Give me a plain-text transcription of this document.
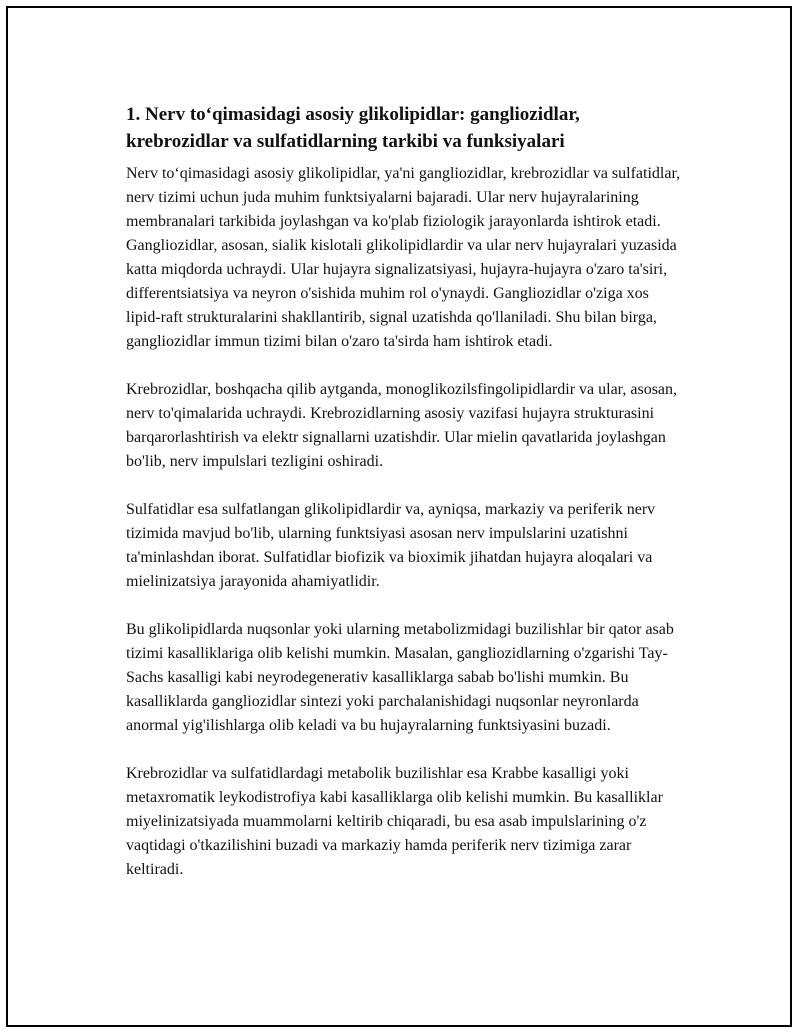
1. Nerv to‘qimasidagi asosiy glikolipidlar: gangliozidlar, krebrozidlar va sulfatidlarning tarkibi va funksiyalari

Nerv to‘qimasidagi asosiy glikolipidlar, ya'ni gangliozidlar, krebrozidlar va sulfatidlar, nerv tizimi uchun juda muhim funktsiyalarni bajaradi. Ular nerv hujayralarining membranalari tarkibida joylashgan va ko'plab fiziologik jarayonlarda ishtirok etadi. Gangliozidlar, asosan, sialik kislotali glikolipidlardir va ular nerv hujayralari yuzasida katta miqdorda uchraydi. Ular hujayra signalizatsiyasi, hujayra-hujayra o'zaro ta'siri, differentsiatsiya va neyron o'sishida muhim rol o'ynaydi. Gangliozidlar o'ziga xos lipid-raft strukturalarini shakllantirib, signal uzatishda qo'llaniladi. Shu bilan birga, gangliozidlar immun tizimi bilan o'zaro ta'sirda ham ishtirok etadi.

Krebrozidlar, boshqacha qilib aytganda, monoglikozilsfingolipidlardir va ular, asosan, nerv to'qimalarida uchraydi. Krebrozidlarning asosiy vazifasi hujayra strukturasini barqarorlashtirish va elektr signallarni uzatishdir. Ular mielin qavatlarida joylashgan bo'lib, nerv impulslari tezligini oshiradi.

Sulfatidlar esa sulfatlangan glikolipidlardir va, ayniqsa, markaziy va periferik nerv tizimida mavjud bo'lib, ularning funktsiyasi asosan nerv impulslarini uzatishni ta'minlashdan iborat. Sulfatidlar biofizik va bioximik jihatdan hujayra aloqalari va mielinizatsiya jarayonida ahamiyatlidir.

Bu glikolipidlarda nuqsonlar yoki ularning metabolizmidagi buzilishlar bir qator asab tizimi kasalliklariga olib kelishi mumkin. Masalan, gangliozidlarning o'zgarishi Tay-Sachs kasalligi kabi neyrodegenerativ kasalliklarga sabab bo'lishi mumkin. Bu kasalliklarda gangliozidlar sintezi yoki parchalanishidagi nuqsonlar neyronlarda anormal yig'ilishlarga olib keladi va bu hujayralarning funktsiyasini buzadi.

Krebrozidlar va sulfatidlardagi metabolik buzilishlar esa Krabbe kasalligi yoki metaxromatik leykodistrofiya kabi kasalliklarga olib kelishi mumkin. Bu kasalliklar miyelinizatsiyada muammolarni keltirib chiqaradi, bu esa asab impulslarining o'z vaqtidagi o'tkazilishini buzadi va markaziy hamda periferik nerv tizimiga zarar keltiradi.
